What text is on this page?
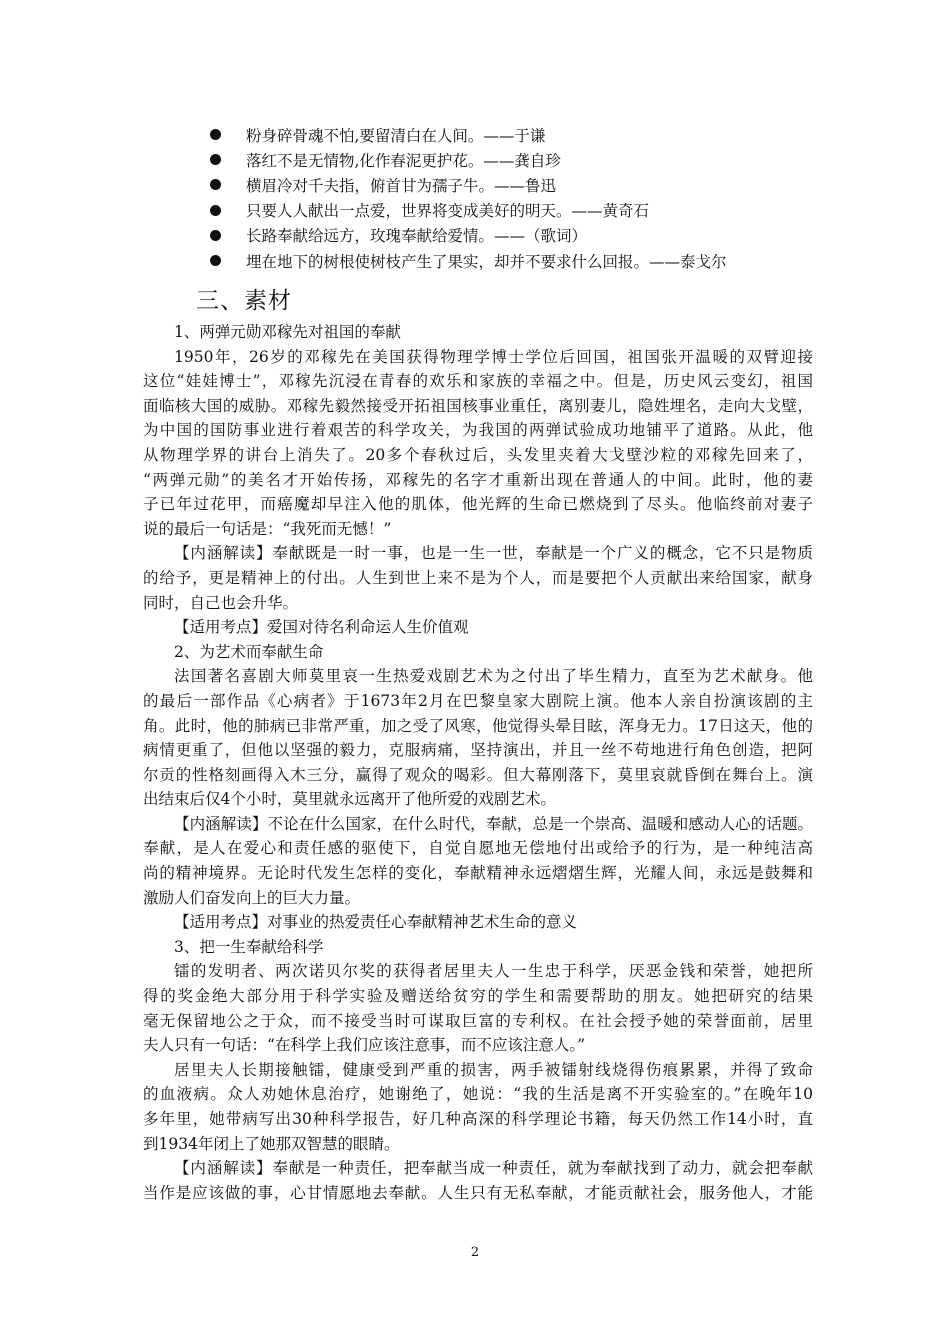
粉身碎骨魂不怕,要留清白在人间。——于谦
落红不是无情物,化作春泥更护花。——龚自珍
横眉冷对千夫指，俯首甘为孺子牛。——鲁迅
只要人人献出一点爱，世界将变成美好的明天。——黄奇石
长路奉献给远方，玫瑰奉献给爱情。——（歌词）
埋在地下的树根使树枝产生了果实，却并不要求什么回报。——泰戈尔
三、素材
1、两弹元勋邓稼先对祖国的奉献
1950年，26岁的邓稼先在美国获得物理学博士学位后回国，祖国张开温暖的双臂迎接
这位“娃娃博士”，邓稼先沉浸在青春的欢乐和家族的幸福之中。但是，历史风云变幻，祖国
面临核大国的威胁。邓稼先毅然接受开拓祖国核事业重任，离别妻儿，隐姓埋名，走向大戈壁，
为中国的国防事业进行着艰苦的科学攻关，为我国的两弹试验成功地铺平了道路。从此，他
从物理学界的讲台上消失了。20多个春秋过后，头发里夹着大戈壁沙粒的邓稼先回来了，
“两弹元勋”的美名才开始传扬，邓稼先的名字才重新出现在普通人的中间。此时，他的妻
子已年过花甲，而癌魔却早注入他的肌体，他光辉的生命已燃烧到了尽头。他临终前对妻子
说的最后一句话是：“我死而无憾！”
【内涵解读】奉献既是一时一事，也是一生一世，奉献是一个广义的概念，它不只是物质
的给予，更是精神上的付出。人生到世上来不是为个人，而是要把个人贡献出来给国家，献身
同时，自己也会升华。
【适用考点】爱国对待名利命运人生价值观
2、为艺术而奉献生命
法国著名喜剧大师莫里哀一生热爱戏剧艺术为之付出了毕生精力，直至为艺术献身。他
的最后一部作品《心病者》于1673年2月在巴黎皇家大剧院上演。他本人亲自扮演该剧的主
角。此时，他的肺病已非常严重，加之受了风寒，他觉得头晕目眩，浑身无力。17日这天，他的
病情更重了，但他以坚强的毅力，克服病痛，坚持演出，并且一丝不苟地进行角色创造，把阿
尔贡的性格刻画得入木三分，赢得了观众的喝彩。但大幕刚落下，莫里哀就昏倒在舞台上。演
出结束后仅4个小时，莫里就永远离开了他所爱的戏剧艺术。
【内涵解读】不论在什么国家，在什么时代，奉献，总是一个崇高、温暖和感动人心的话题。
奉献，是人在爱心和责任感的驱使下，自觉自愿地无偿地付出或给予的行为，是一种纯洁高
尚的精神境界。无论时代发生怎样的变化，奉献精神永远熠熠生辉，光耀人间，永远是鼓舞和
激励人们奋发向上的巨大力量。
【适用考点】对事业的热爱责任心奉献精神艺术生命的意义
3、把一生奉献给科学
镭的发明者、两次诺贝尔奖的获得者居里夫人一生忠于科学，厌恶金钱和荣誉，她把所
得的奖金绝大部分用于科学实验及赠送给贫穷的学生和需要帮助的朋友。她把研究的结果
毫无保留地公之于众，而不接受当时可谋取巨富的专利权。在社会授予她的荣誉面前，居里
夫人只有一句话：“在科学上我们应该注意事，而不应该注意人。”
居里夫人长期接触镭，健康受到严重的损害，两手被镭射线烧得伤痕累累，并得了致命
的血液病。众人劝她休息治疗，她谢绝了，她说：“我的生活是离不开实验室的。”在晚年10
多年里，她带病写出30种科学报告，好几种高深的科学理论书籍，每天仍然工作14小时，直
到1934年闭上了她那双智慧的眼睛。
【内涵解读】奉献是一种责任，把奉献当成一种责任，就为奉献找到了动力，就会把奉献
当作是应该做的事，心甘情愿地去奉献。人生只有无私奉献，才能贡献社会，服务他人，才能
2
